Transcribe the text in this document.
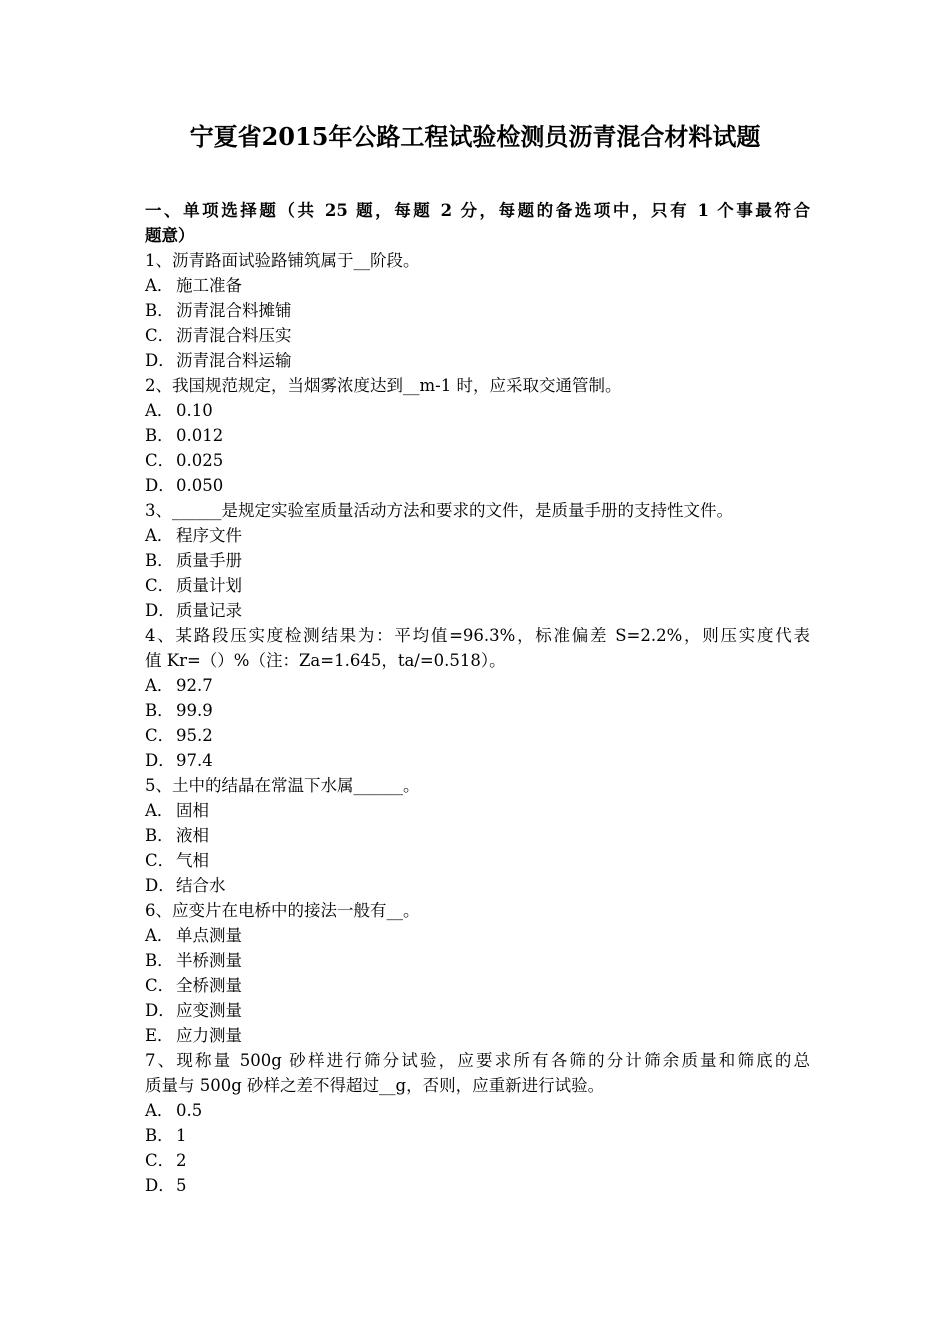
宁夏省2015年公路工程试验检测员沥青混合材料试题
一、单项选择题（共 25 题，每题 2 分，每题的备选项中，只有 1 个事最符合
题意）
1、沥青路面试验路铺筑属于__阶段。
A． 施工准备
B． 沥青混合料摊铺
C． 沥青混合料压实
D．沥青混合料运输
2、我国规范规定，当烟雾浓度达到__m-1 时，应采取交通管制。
A． 0.10
B． 0.012
C． 0.025
D．0.050
3、______是规定实验室质量活动方法和要求的文件，是质量手册的支持性文件。
A． 程序文件
B． 质量手册
C． 质量计划
D．质量记录
4、某路段压实度检测结果为：平均值=96.3%，标准偏差 S=2.2%，则压实度代表
值 Kr=（）%（注：Za=1.645，ta/=0.518）。
A． 92.7
B． 99.9
C． 95.2
D．97.4
5、土中的结晶在常温下水属______。
A． 固相
B． 液相
C． 气相
D．结合水
6、应变片在电桥中的接法一般有__。
A． 单点测量
B． 半桥测量
C． 全桥测量
D．应变测量
E． 应力测量
7、现称量 500g 砂样进行筛分试验，应要求所有各筛的分计筛余质量和筛底的总
质量与 500g 砂样之差不得超过__g，否则，应重新进行试验。
A． 0.5
B． 1
C． 2
D．5
